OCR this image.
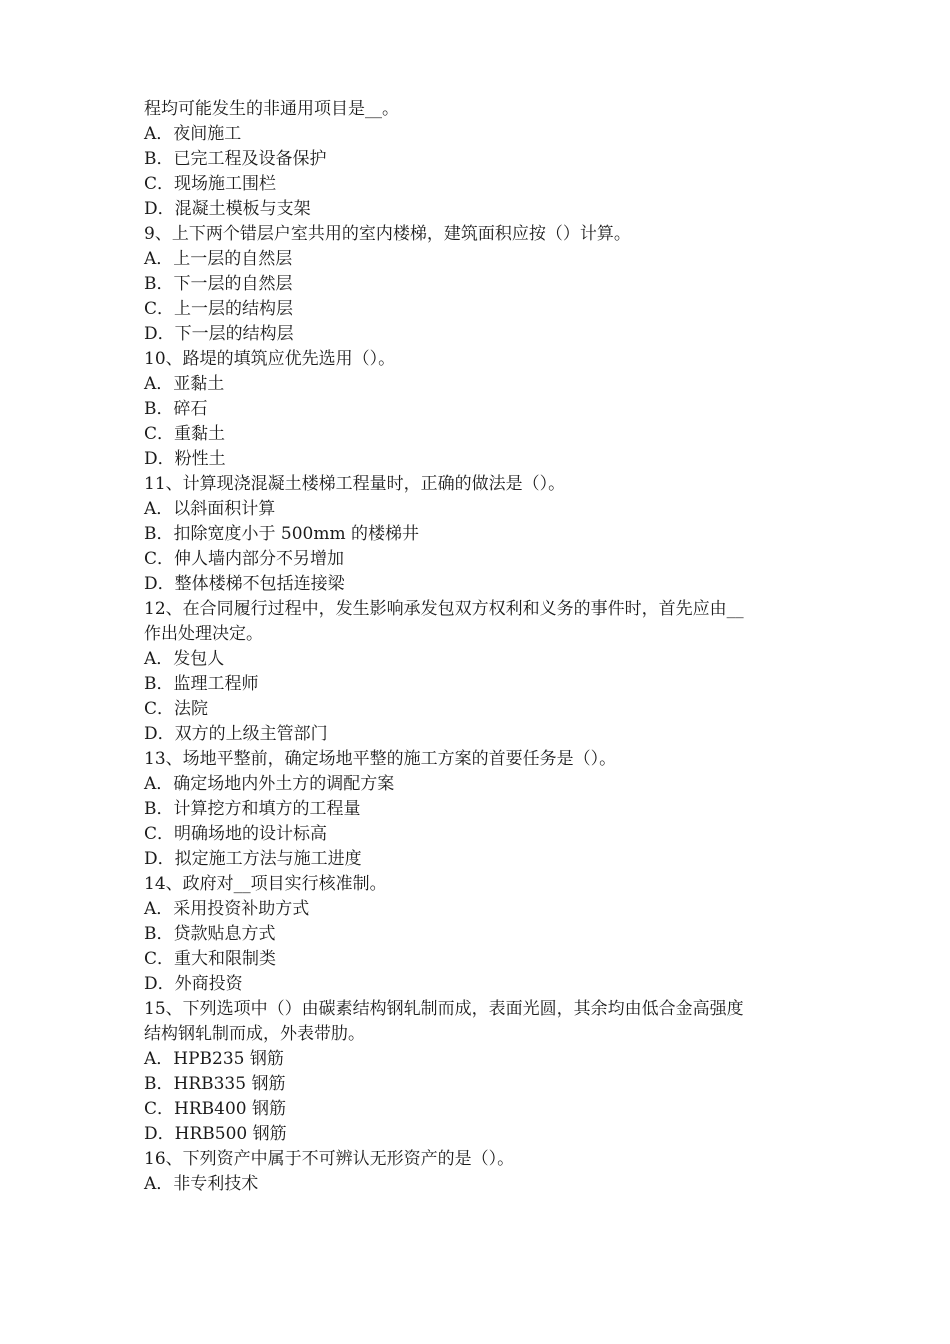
程均可能发生的非通用项目是__。
A．夜间施工
B．已完工程及设备保护
C．现场施工围栏
D．混凝土模板与支架
9、上下两个错层户室共用的室内楼梯，建筑面积应按（）计算。
A．上一层的自然层
B．下一层的自然层
C．上一层的结构层
D．下一层的结构层
10、路堤的填筑应优先选用（）。
A．亚黏土
B．碎石
C．重黏土
D．粉性土
11、计算现浇混凝土楼梯工程量时，正确的做法是（）。
A．以斜面积计算
B．扣除宽度小于 500mm 的楼梯井
C．伸人墙内部分不另增加
D．整体楼梯不包括连接梁
12、在合同履行过程中，发生影响承发包双方权利和义务的事件时，首先应由__
作出处理决定。
A．发包人
B．监理工程师
C．法院
D．双方的上级主管部门
13、场地平整前，确定场地平整的施工方案的首要任务是（）。
A．确定场地内外土方的调配方案
B．计算挖方和填方的工程量
C．明确场地的设计标高
D．拟定施工方法与施工进度
14、政府对__项目实行核准制。
A．采用投资补助方式
B．贷款贴息方式
C．重大和限制类
D．外商投资
15、下列选项中（）由碳素结构钢轧制而成，表面光圆，其余均由低合金高强度
结构钢轧制而成，外表带肋。
A．HPB235 钢筋
B．HRB335 钢筋
C．HRB400 钢筋
D．HRB500 钢筋
16、下列资产中属于不可辨认无形资产的是（）。
A．非专利技术
